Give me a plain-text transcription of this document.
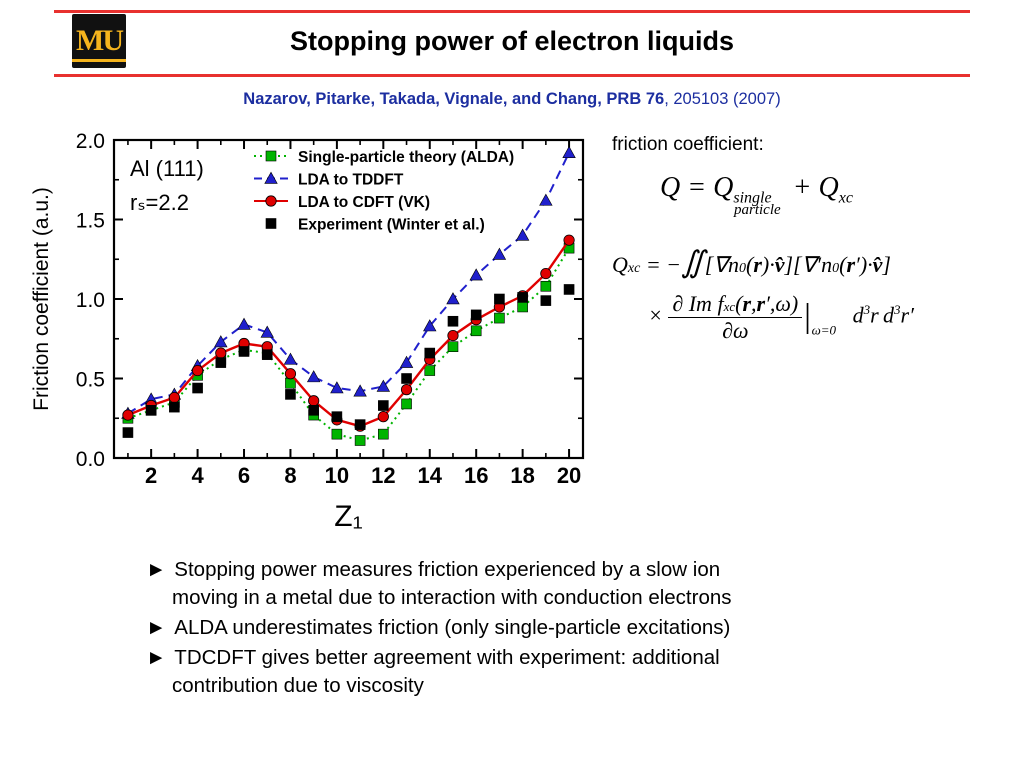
MU	Stopping power of electron liquids
Nazarov, Pitarke, Takada, Vignale, and Chang, PRB 76, 205103 (2007)
0.0
0.5
1.0
1.5
2.0
2 4 6 8 10 12 14 16 18 20
Friction coefficient (a.u.)
Z₁
Al (111)
rₛ=2.2
Single-particle theory (ALDA)
LDA to TDDFT
LDA to CDFT (VK)
Experiment (Winter et al.)
friction coefficient:
$Q = Q_{single} + Q_{xc}$
particle
Qxc = −∬[∇n0(r)·v̂][∇′n0(r′)·v̂]
× $\frac{\text{∂ Im fxc(r,r′,ω)}}{\partial\omega} |_{\omega=0}$   $d^3r$  $d^3r'$
► Stopping power measures friction experienced by a slow ion
moving in a metal due to interaction with conduction electrons
► ALDA underestimates friction (only single-particle excitations)
► TDCDFT gives better agreement with experiment: additional
contribution due to viscosity
